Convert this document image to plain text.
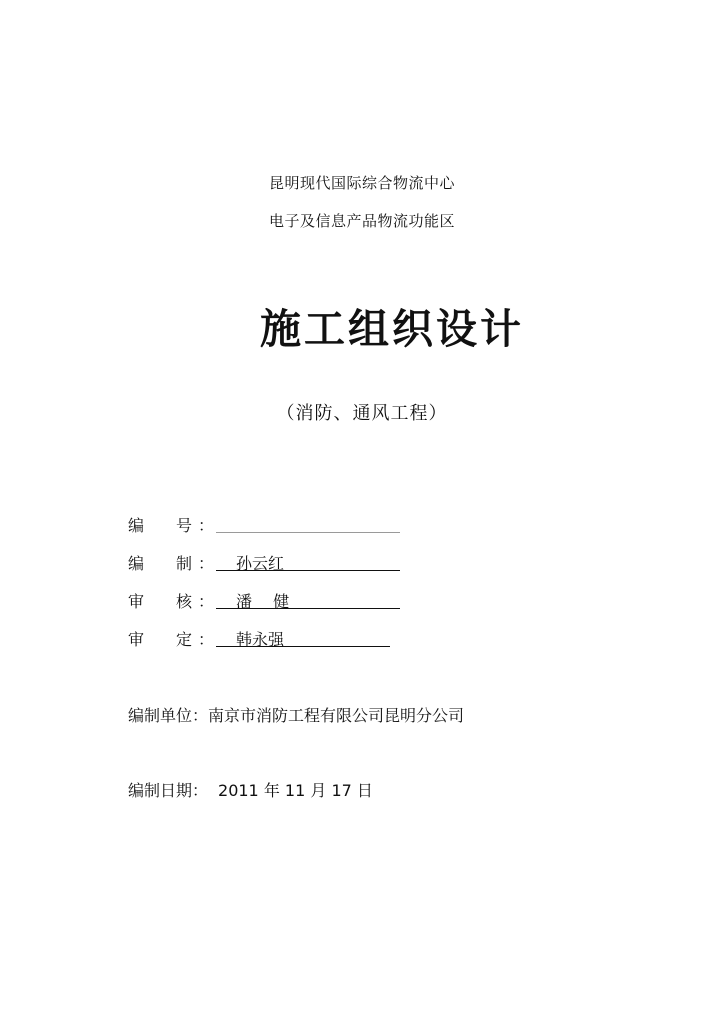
昆明现代国际综合物流中心
电子及信息产品物流功能区
施工组织设计
（消防、通风工程）
编 号 ：
编 制 ： 孙云红
审 核 ： 潘　 健
审 定 ： 韩永强
编制单位：南京市消防工程有限公司昆明分公司
编制日期： 2011 年 11 月 17 日
